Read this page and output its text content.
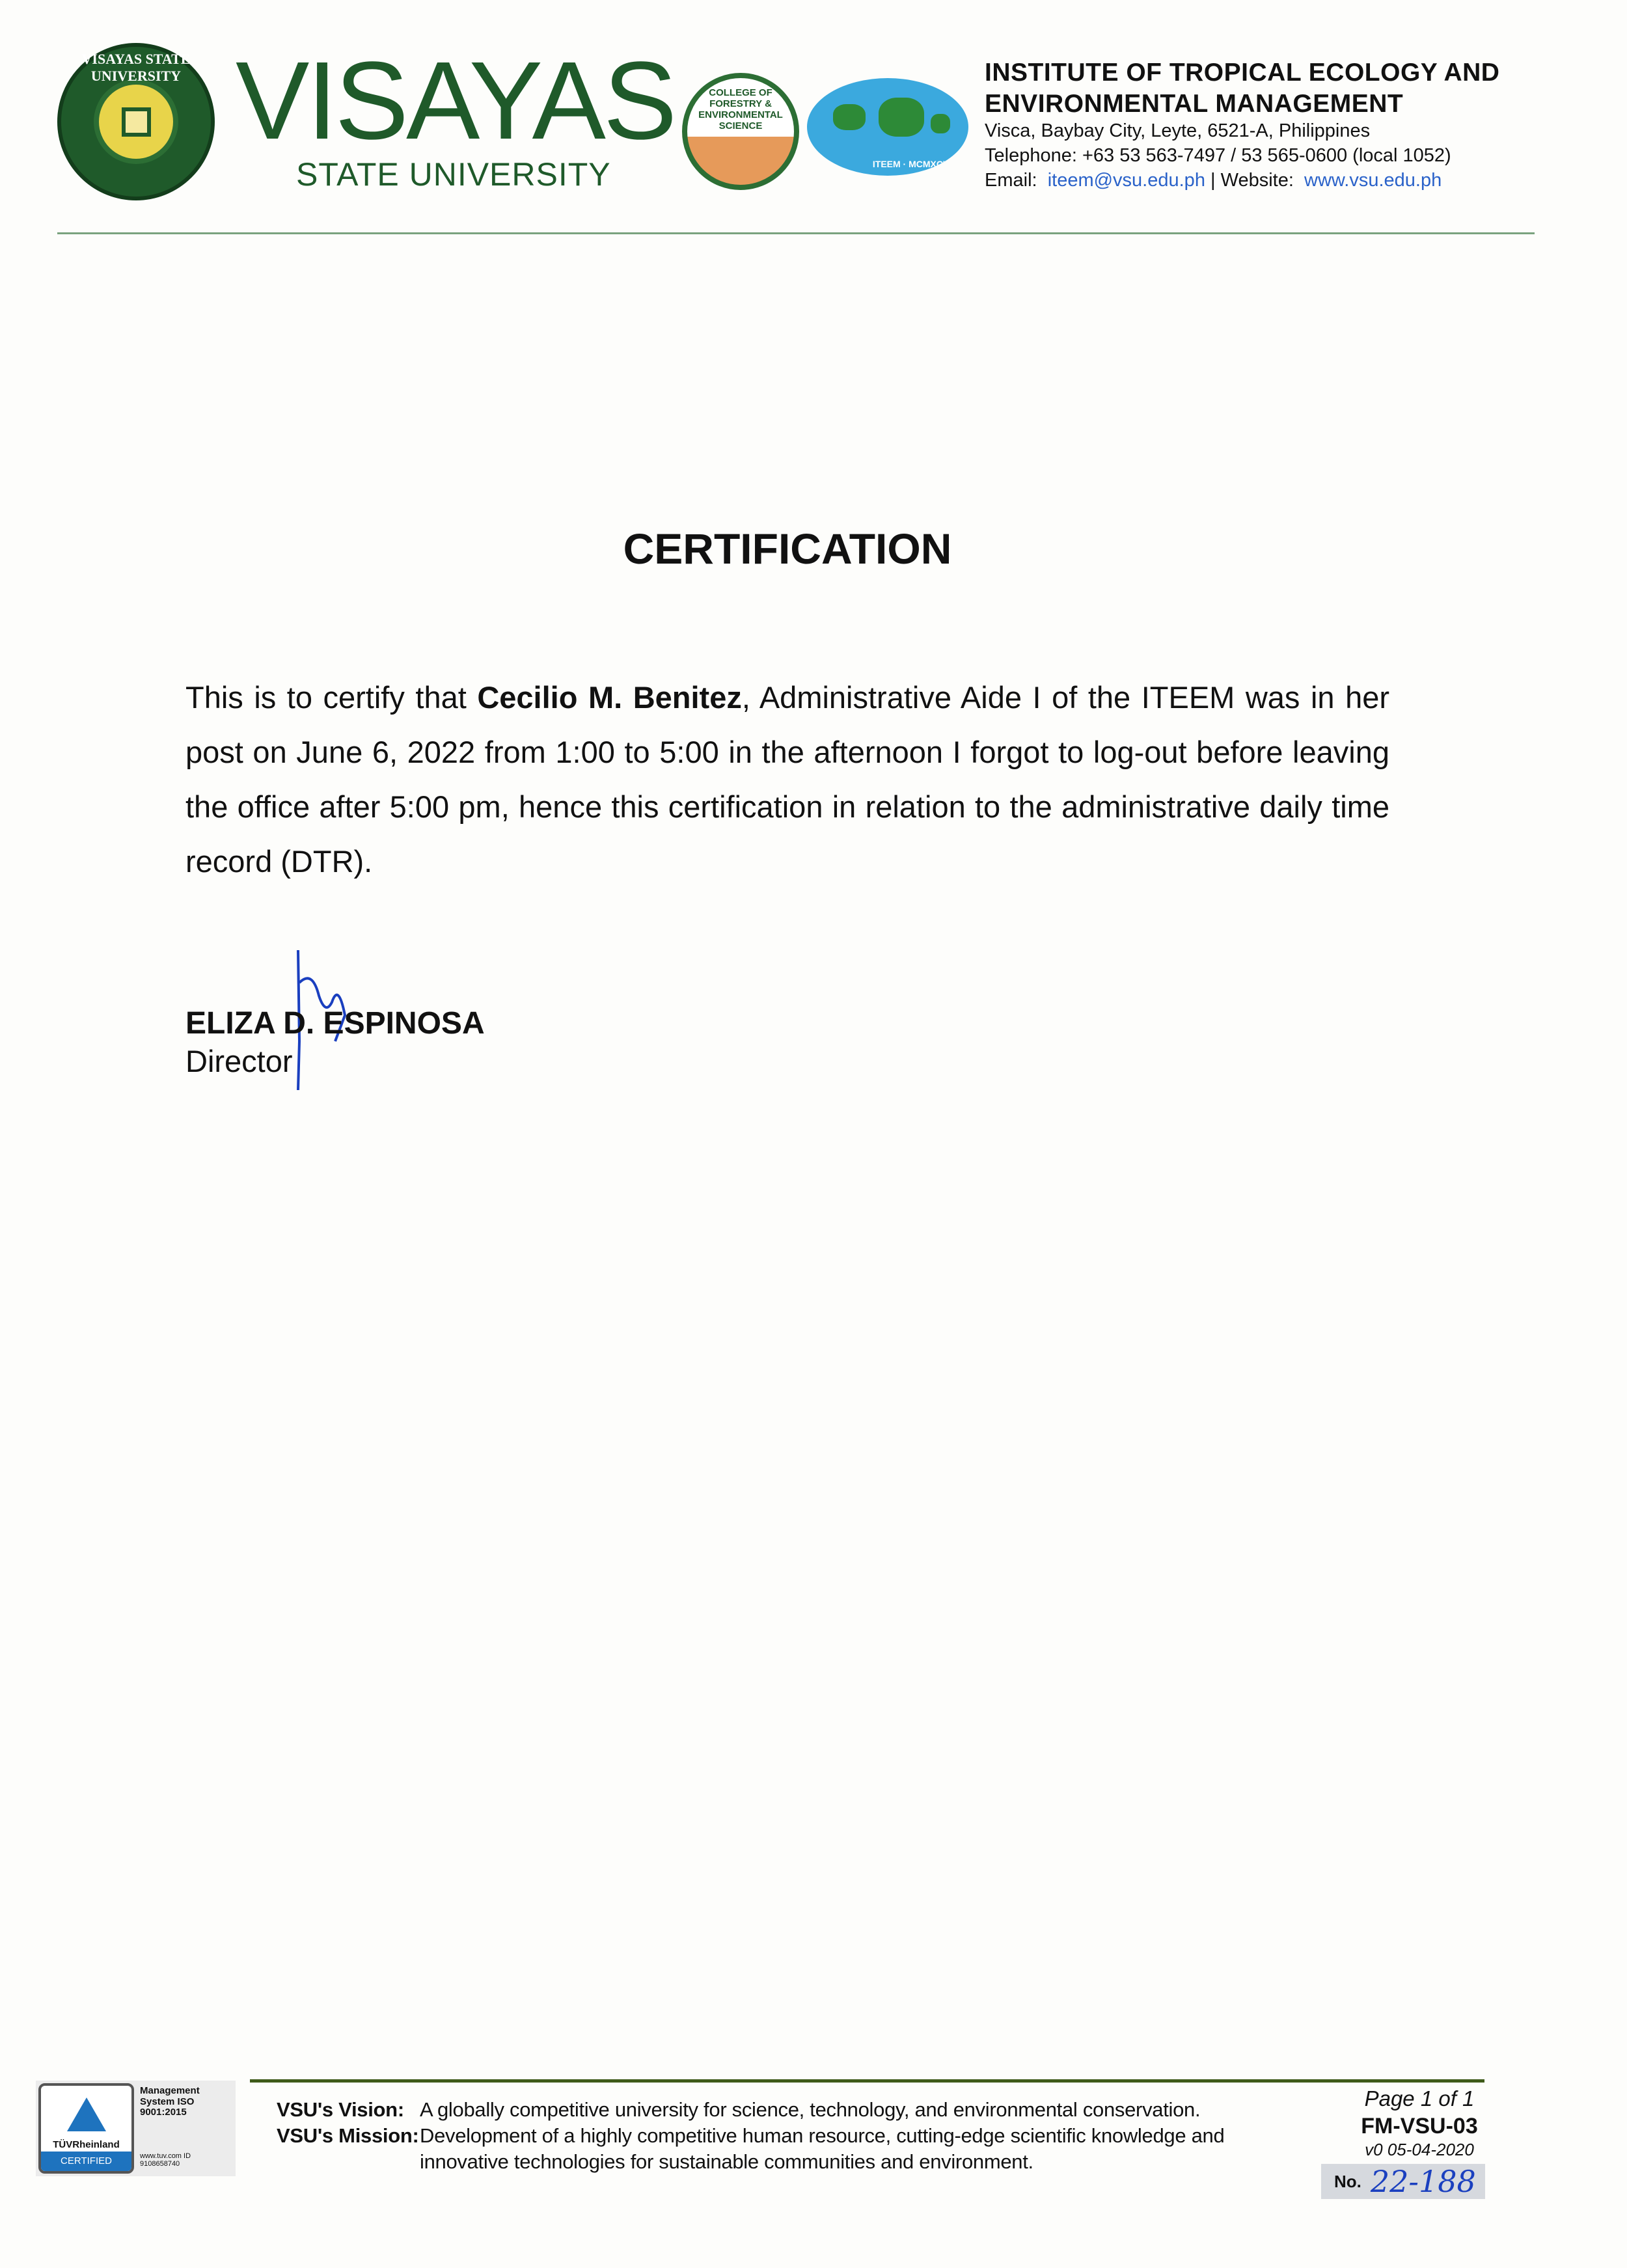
VISAYAS STATE UNIVERSITY VISAYAS
STATE UNIVERSITY
COLLEGE OF FORESTRY & ENVIRONMENTAL SCIENCE
ITEEM · MCMXCVIII
INSTITUTE OF TROPICAL ECOLOGY AND
ENVIRONMENTAL MANAGEMENT
Visca, Baybay City, Leyte, 6521-A, Philippines
Telephone: +63 53 563-7497 / 53 565-0600 (local 1052)
Email: iteem@vsu.edu.ph | Website: www.vsu.edu.ph
CERTIFICATION
This is to certify that Cecilio M. Benitez, Administrative Aide I of the ITEEM was in her post on June 6, 2022 from 1:00 to 5:00 in the afternoon I forgot to log-out before leaving the office after 5:00 pm, hence this certification in relation to the administrative daily time record (DTR).
ELIZA D. ESPINOSA
Director
TÜVRheinland
CERTIFIED
Management System ISO 9001:2015
www.tuv.com ID 9108658740
VSU's Vision: A globally competitive university for science, technology, and environmental conservation.
VSU's Mission: Development of a highly competitive human resource, cutting-edge scientific knowledge and innovative technologies for sustainable communities and environment.
Page 1 of 1
FM-VSU-03
v0 05-04-2020
No. 22-188
